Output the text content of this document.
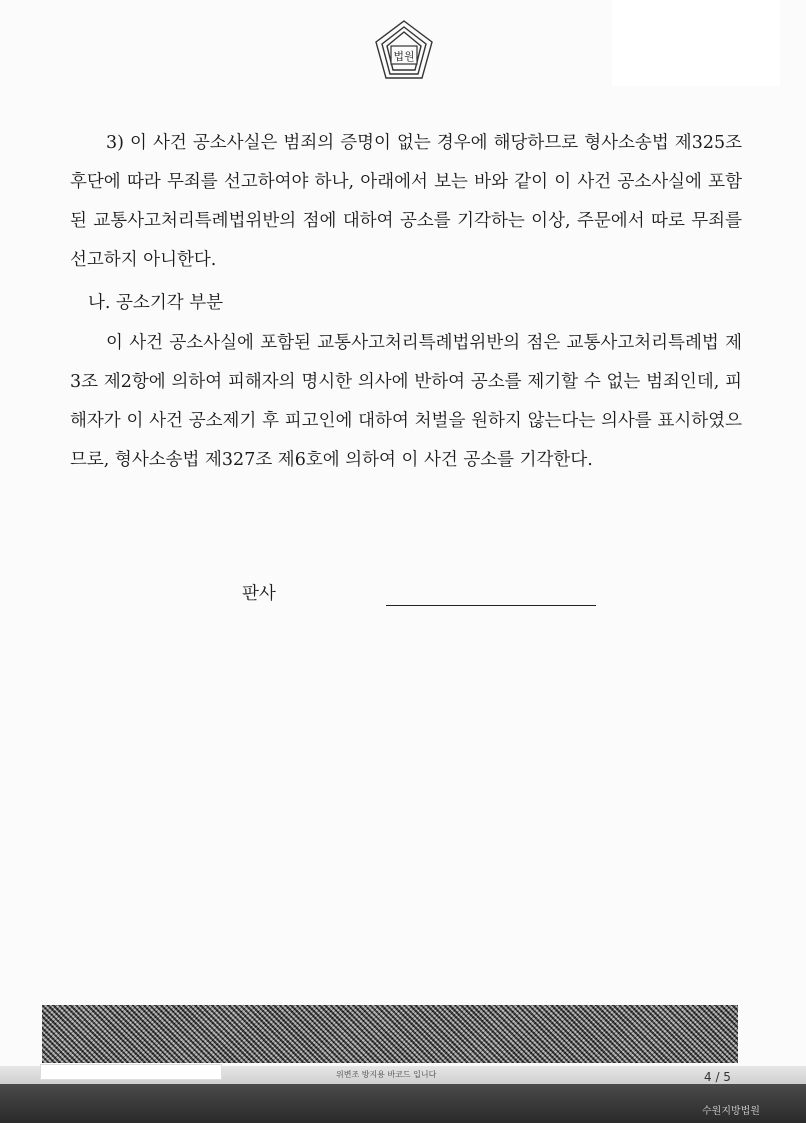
법원

3) 이 사건 공소사실은 범죄의 증명이 없는 경우에 해당하므로 형사소송법 제325조 후단에 따라 무죄를 선고하여야 하나, 아래에서 보는 바와 같이 이 사건 공소사실에 포함된 교통사고처리특례법위반의 점에 대하여 공소를 기각하는 이상, 주문에서 따로 무죄를 선고하지 아니한다.

나. 공소기각 부분

이 사건 공소사실에 포함된 교통사고처리특례법위반의 점은 교통사고처리특례법 제3조 제2항에 의하여 피해자의 명시한 의사에 반하여 공소를 제기할 수 없는 범죄인데, 피해자가 이 사건 공소제기 후 피고인에 대하여 처벌을 원하지 않는다는 의사를 표시하였으므로, 형사소송법 제327조 제6호에 의하여 이 사건 공소를 기각한다.

판사
위변조 방지용 바코드 입니다	4 / 5
수원지방법원
